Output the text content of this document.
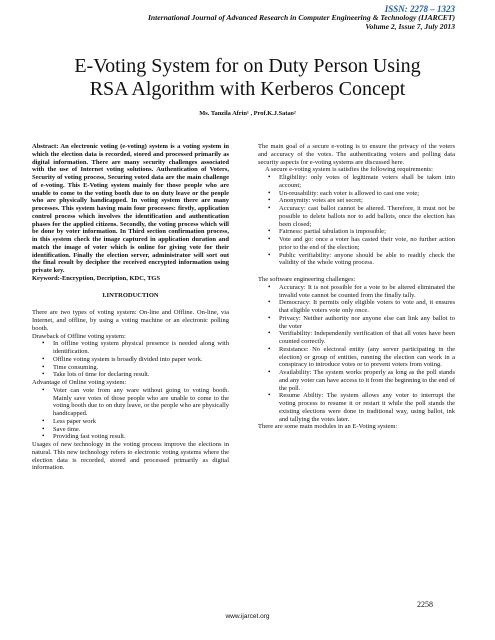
ISSN: 2278 – 1323
International Journal of Advanced Research in Computer Engineering & Technology (IJARCET)
Volume 2, Issue 7, July 2013
E-Voting System for on Duty Person Using
RSA Algorithm with Kerberos Concept
Ms. Tanzila Afrin¹ , Prof.K.J.Satao²

Abstract: An electronic voting (e-voting) system is a voting system in which the election data is recorded, stored and processed primarily as digital information. There are many security challenges associated with the use of Internet voting solutions. Authentication of Voters, Security of voting process, Securing voted data are the main challenge of e-voting. This E-Voting system mainly for those people who are unable to come to the voting booth due to on duty leave or the people who are physically handicapped. In voting system there are many processes. This system having main four processes: firstly, application control process which involves the identification and authentication phases for the applied citizens. Secondly, the voting process which will be done by voter information. In Third section confirmation process, in this system check the image captured in application duration and match the image of voter which is online for giving vote for their identification. Finally the election server, administrator will sort out the final result by decipher the received encrypted information using private key.

Keyword:-Encryption, Decription, KDC, TGS

I.INTRODUCTION

There are two types of voting system: On-line and Offline. On-line, via Internet, and offline, by using a voting machine or an electronic polling booth.

Drawback of Offline voting system:

• In offline voting system physical presence is needed along with identification.
• Offline voting system is broadly divided into paper work.
• Time consuming.
• Take lots of time for declaring result.

Advantage of Online voting system:

• Voter can vote from any ware without going to voting booth. Mainly save votes of those people who are unable to come to the voting booth due to on duty leave, or the people who are physically handicapped.
• Less paper work
• Save time.
• Providing fast voting result.

Usages of new technology in the voting process improve the elections in natural. This new technology refers to electronic voting systems where the election data is recorded, stored and processed primarily as digital information.

The main goal of a secure e-voting is to ensure the privacy of the voters and accuracy of the votes. The authenticating voters and polling data security aspects for e-voting systems are discussed here.

A secure e-voting system is satisfies the following requirements:

• Eligibility: only votes of legitimate voters shall be taken into account;
• Un-reusability: each voter is allowed to cast one vote;
• Anonymity: votes are set secret;
• Accuracy: cast ballot cannot be altered. Therefore, it must not be possible to delete ballots nor to add ballots, once the election has been closed;
• Fairness: partial tabulation is impossible;
• Vote and go: once a voter has casted their vote, no further action prior to the end of the election;
• Public verifiability: anyone should be able to readily check the validity of the whole voting process.

The software engineering challenges:

• Accuracy: It is not possible for a vote to be altered eliminated the invalid vote cannot be counted from the finally tally.
• Democracy: It permits only eligible voters to vote and, it ensures that eligible voters vote only once.
• Privacy: Neither authority nor anyone else can link any ballot to the voter
• Verifiability: Independently verification of that all votes have been counted correctly.
• Resistance: No electoral entity (any server participating in the election) or group of entities, running the election can work in a conspiracy to introduce votes or to prevent voters from voting.
• Availability: The system works properly as long as the poll stands and any voter can have access to it from the beginning to the end of the poll.
• Resume Ability: The system allows any voter to interrupt the voting process to resume it or restart it while the poll stands the existing elections were done in traditional way, using ballot, ink and tallying the votes later.

There are some main modules in an E-Voting system:

2258
www.ijarcet.org
